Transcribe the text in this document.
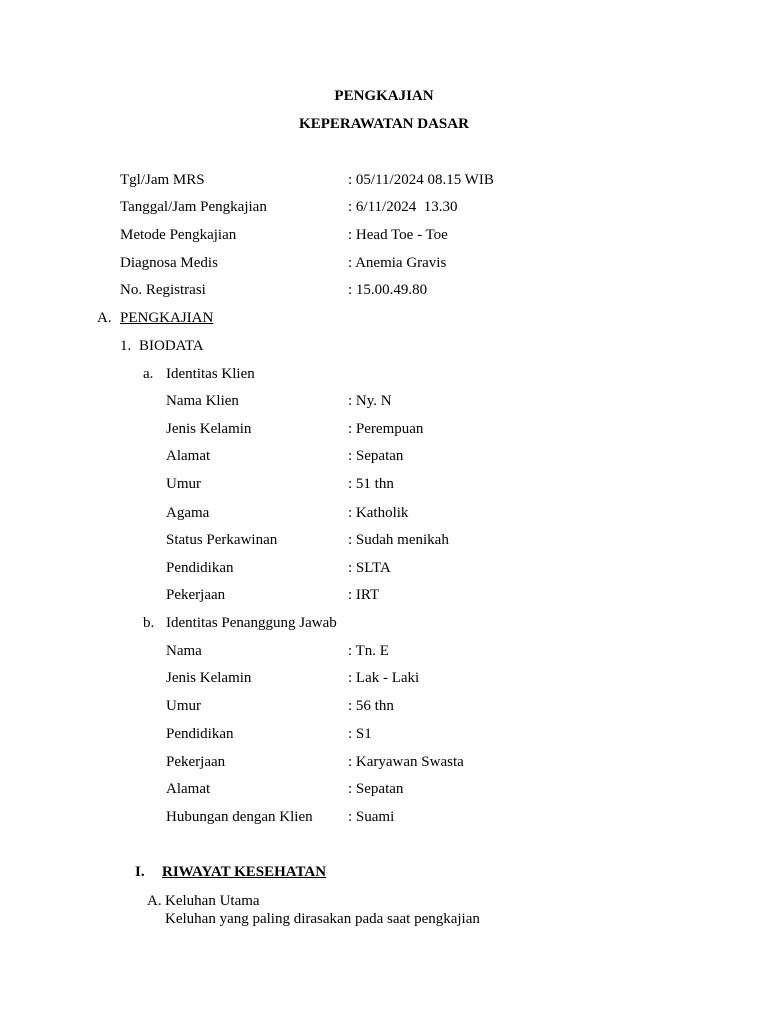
PENGKAJIAN
KEPERAWATAN DASAR
Tgl/Jam MRS	: 05/11/2024 08.15 WIB
Tanggal/Jam Pengkajian	: 6/11/2024  13.30
Metode Pengkajian	: Head Toe - Toe
Diagnosa Medis	: Anemia Gravis
No. Registrasi	: 15.00.49.80
A. PENGKAJIAN
1. BIODATA
a. Identitas Klien
Nama Klien	: Ny. N
Jenis Kelamin	: Perempuan
Alamat	: Sepatan
Umur	: 51 thn
Agama	: Katholik
Status Perkawinan	: Sudah menikah
Pendidikan	: SLTA
Pekerjaan	: IRT
b. Identitas Penanggung Jawab
Nama	: Tn. E
Jenis Kelamin	: Lak - Laki
Umur	: 56 thn
Pendidikan	: S1
Pekerjaan	: Karyawan Swasta
Alamat	: Sepatan
Hubungan dengan Klien : Suami
I. RIWAYAT KESEHATAN
A. Keluhan Utama
Keluhan yang paling dirasakan pada saat pengkajian
